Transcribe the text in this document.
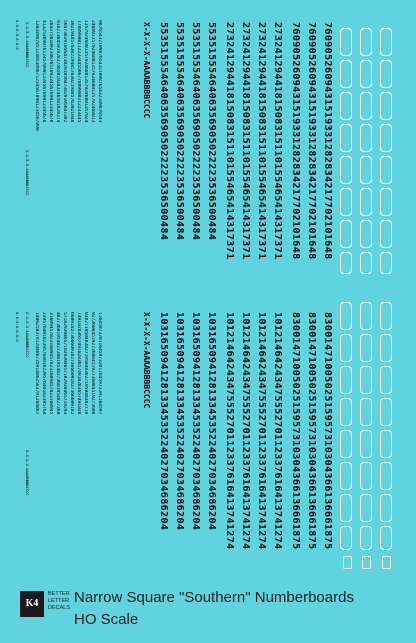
6-6-6-6-6-6-6
X-X-X-X-AAAABBBBCCCC
X-X-X-X-AAAABBBBCCCC 1203496785124053896712345678901234567890 4132538907612457890123456789012345678 2843756109234876510923456789012345678 9182736450192837465019283746501928374 5647382910564738291056473829105647382 3021948576302194857630219485763021948 7788990011223344556677889900112233445 1357924680135792468013579246801357924 2468013579246801357924680135792468013 9876543210987654321098765432109876543	X-X-X-X-AAAABBBBCCCC 5535155546406356905022223536500484 5535155546406356905022223536500484 5535155546406356905022223536500484 5535155546406356905022223536500484 2732412944181508315110155465414317371 2732412944181508315110155465414317371 2732412944181508315110155465414317371 2732412944181508315110155465414317371 7609052609431519331282834217702101648 7609052609431519331282834217702101648 7609052609431519331282834217702101648
6-6-6-6-6-6-6 X-X-X-X-AAAABBBBCCCC
X-X-X-X-AAAABBBBCCCC
1406258379120486735914062583791204867 2395764018239576401823957640182395764 3160945782316094578231609457823160945 4827360195482736019548273601954827360 5718293046571829304657182930465718293 6609182736660918273666091827366609182 7491028365749102836574910283657491028 8382719504838271950483827195048382719 9273608451927360845192736084519273608 1164597320116459732011645973201164597	X-X-X-X-AAAABBBBCCCC 1031650941281334535224027034686204 1031650941281334535224027034686204 1031650941281334535224027034686204 1031650941281334535224027034686204 1012146424347555270112337616413741274 1012146424347555270112337616413741274 1012146424347555270112337616413741274 1012146424347555270112337616413741274 8300147100502515957310304366136661875 8300147100502515957310304366136661875 8300147100502515957310304366136661875
K4
BETTER
LETTER
DECALS
Narrow Square "Southern" Numberboards
HO Scale
